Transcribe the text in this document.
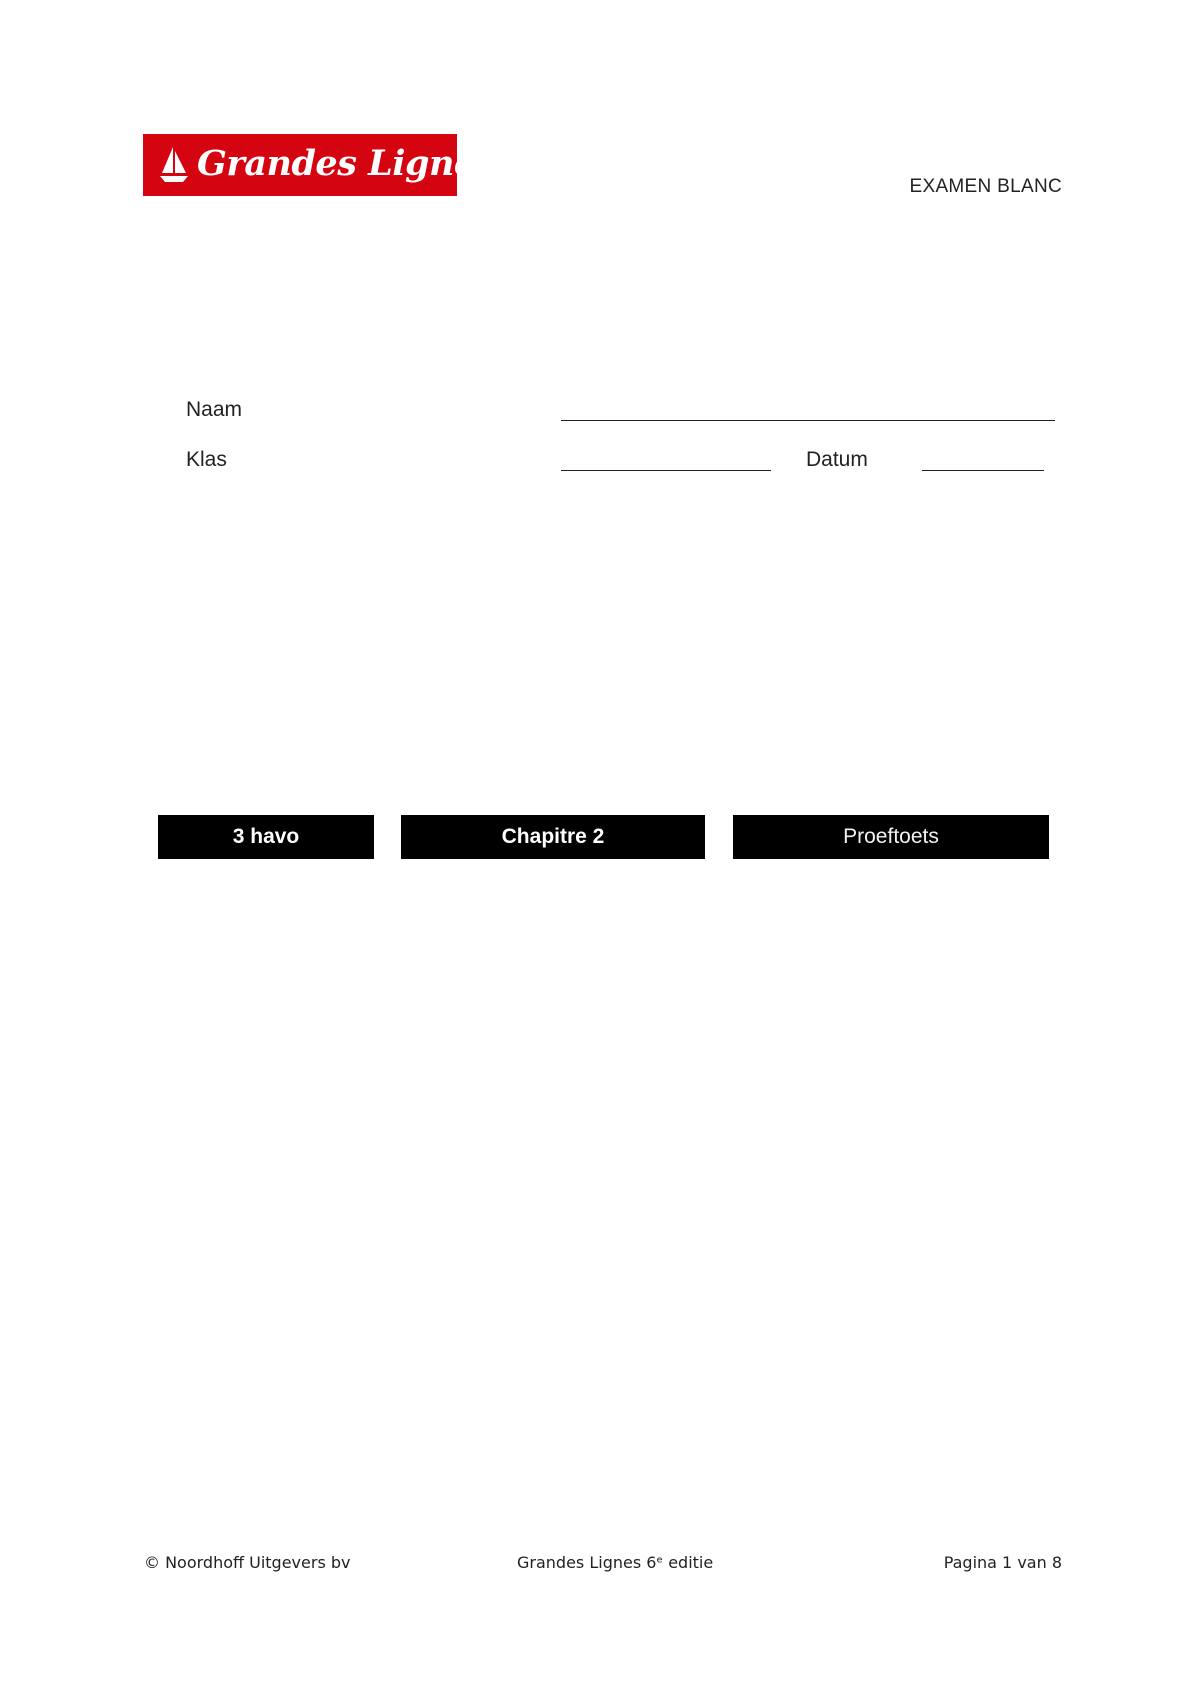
Grandes Lignes
EXAMEN BLANC
Naam
Klas	Datum
3 havo	Chapitre 2	Proeftoets
© Noordhoff Uitgevers bv	Grandes Lignes 6ᵉ editie	Pagina 1 van 8
